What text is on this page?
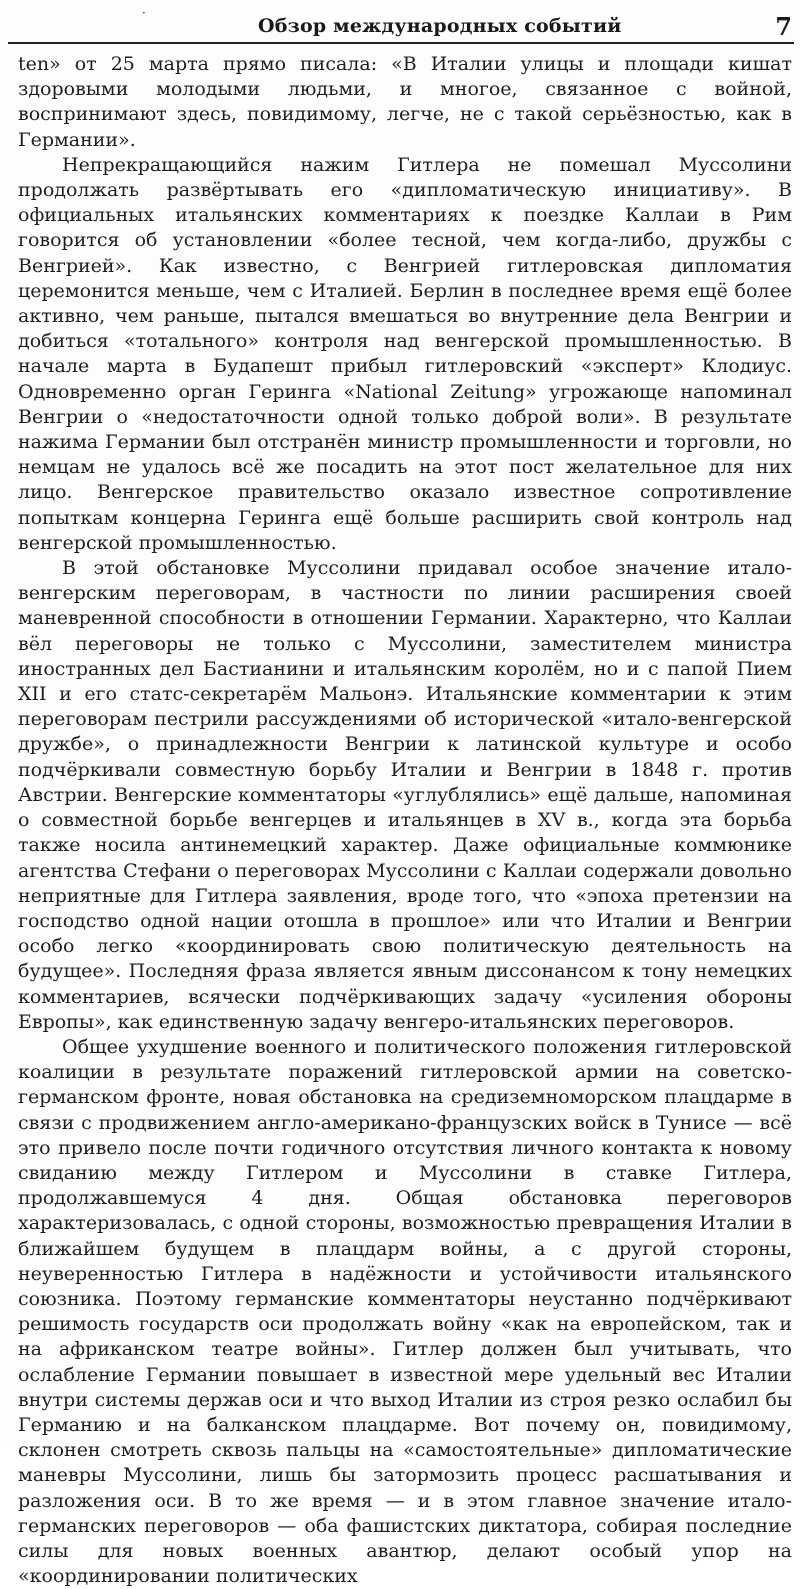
Обзор международных событий	7
·

ten» от 25 марта прямо писала: «В Италии улицы и площади кишат здоровыми молодыми людьми, и многое, связанное с войной, воспринимают здесь, повидимому, легче, не с такой серьёзностью, как в Германии».

Непрекращающийся нажим Гитлера не помешал Муссолини продолжать развёртывать его «дипломатическую инициативу». В официальных итальянских комментариях к поездке Каллаи в Рим говорится об установлении «более тесной, чем когда-либо, дружбы с Венгрией». Как известно, с Венгрией гитлеровская дипломатия церемонится меньше, чем с Италией. Берлин в последнее время ещё более активно, чем раньше, пытался вмешаться во внутренние дела Венгрии и добиться «тотального» контроля над венгерской промышленностью. В начале марта в Будапешт прибыл гитлеровский «эксперт» Клодиус. Одновременно орган Геринга «National Zeitung» угрожающе напоминал Венгрии о «недостаточности одной только доброй воли». В результате нажима Германии был отстранён министр промышленности и торговли, но немцам не удалось всё же посадить на этот пост желательное для них лицо. Венгерское правительство оказало известное сопротивление попыткам концерна Геринга ещё больше расширить свой контроль над венгерской промышленностью.

В этой обстановке Муссолини придавал особое значение итало-венгерским переговорам, в частности по линии расширения своей маневренной способности в отношении Германии. Характерно, что Каллаи вёл переговоры не только с Муссолини, заместителем министра иностранных дел Бастианини и итальянским королём, но и с папой Пием XII и его статс-секретарём Мальонэ. Итальянские комментарии к этим переговорам пестрили рассуждениями об исторической «итало-венгерской дружбе», о принадлежности Венгрии к латинской культуре и особо подчёркивали совместную борьбу Италии и Венгрии в 1848 г. против Австрии. Венгерские комментаторы «углублялись» ещё дальше, напоминая о совместной борьбе венгерцев и итальянцев в XV в., когда эта борьба также носила антинемецкий характер. Даже официальные коммюнике агентства Стефани о переговорах Муссолини с Каллаи содержали довольно неприятные для Гитлера заявления, вроде того, что «эпоха претензии на господство одной нации отошла в прошлое» или что Италии и Венгрии особо легко «координировать свою политическую деятельность на будущее». Последняя фраза является явным диссонансом к тону немецких комментариев, всячески подчёркивающих задачу «усиления обороны Европы», как единственную задачу венгеро-итальянских переговоров.

Общее ухудшение военного и политического положения гитлеровской коалиции в результате поражений гитлеровской армии на советско-германском фронте, новая обстановка на средиземноморском плацдарме в связи с продвижением англо-американо-французских войск в Тунисе — всё это привело после почти годичного отсутствия личного контакта к новому свиданию между Гитлером и Муссолини в ставке Гитлера, продолжавшемуся 4 дня. Общая обстановка переговоров характеризовалась, с одной стороны, возможностью превращения Италии в ближайшем будущем в плацдарм войны, а с другой стороны, неуверенностью Гитлера в надёжности и устойчивости итальянского союзника. Поэтому германские комментаторы неустанно подчёркивают решимость государств оси продолжать войну «как на европейском, так и на африканском театре войны». Гитлер должен был учитывать, что ослабление Германии повышает в известной мере удельный вес Италии внутри системы держав оси и что выход Италии из строя резко ослабил бы Германию и на балканском плацдарме. Вот почему он, повидимому, склонен смотреть сквозь пальцы на «самостоятельные» дипломатические маневры Муссолини, лишь бы затормозить процесс расшатывания и разложения оси. В то же время — и в этом главное значение итало-германских переговоров — оба фашистских диктатора, собирая последние силы для новых военных авантюр, делают особый упор на «координировании политических
